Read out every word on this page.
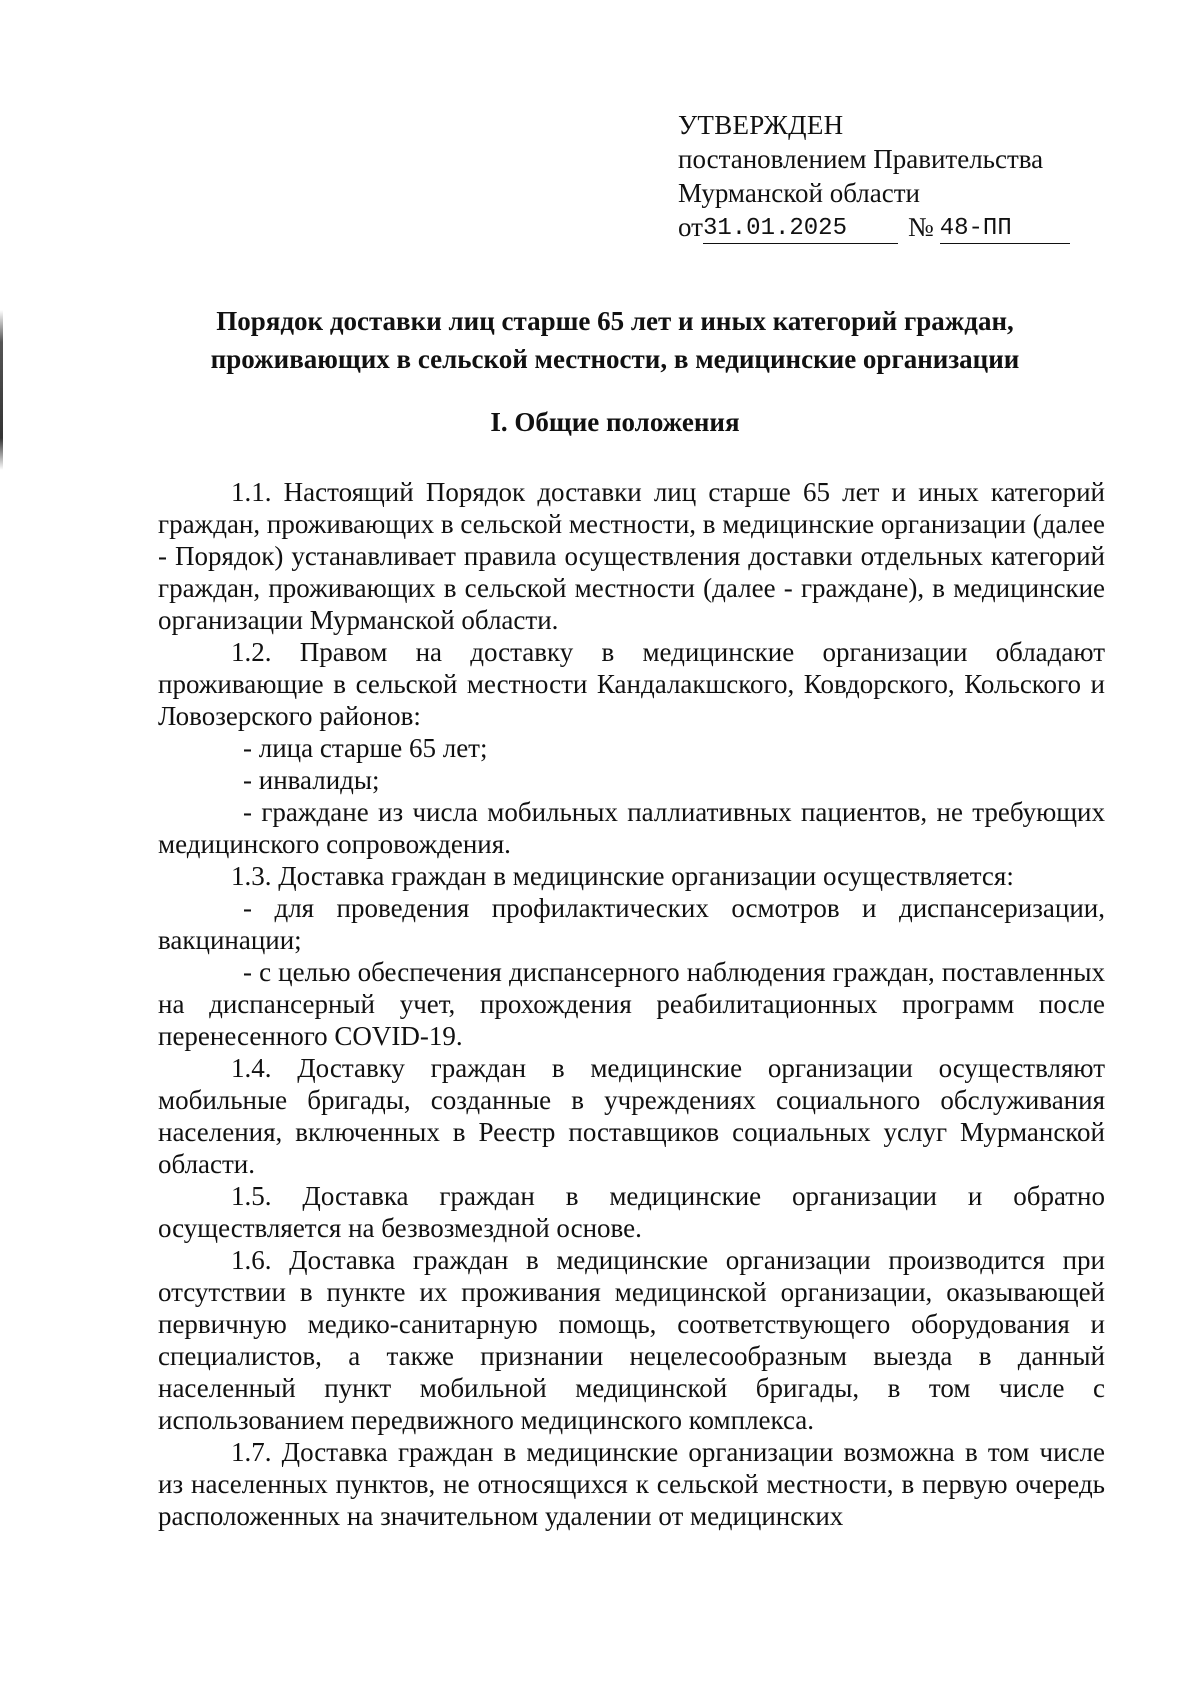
УТВЕРЖДЕН
постановлением Правительства
Мурманской области
от 31.01.2025	№ 48-ПП
Порядок доставки лиц старше 65 лет и иных категорий граждан,
проживающих в сельской местности, в медицинские организации
I. Общие положения

1.1. Настоящий Порядок доставки лиц старше 65 лет и иных категорий граждан, проживающих в сельской местности, в медицинские организации (далее - Порядок) устанавливает правила осуществления доставки отдельных категорий граждан, проживающих в сельской местности (далее - граждане), в медицинские организации Мурманской области.

1.2. Правом на доставку в медицинские организации обладают проживающие в сельской местности Кандалакшского, Ковдорского, Кольского и Ловозерского районов:

- лица старше 65 лет;

- инвалиды;

- граждане из числа мобильных паллиативных пациентов, не требующих медицинского сопровождения.

1.3. Доставка граждан в медицинские организации осуществляется:

- для проведения профилактических осмотров и диспансеризации, вакцинации;

- с целью обеспечения диспансерного наблюдения граждан, поставленных на диспансерный учет, прохождения реабилитационных программ после перенесенного COVID-19.

1.4. Доставку граждан в медицинские организации осуществляют мобильные бригады, созданные в учреждениях социального обслуживания населения, включенных в Реестр поставщиков социальных услуг Мурманской области.

1.5. Доставка граждан в медицинские организации и обратно осуществляется на безвозмездной основе.

1.6. Доставка граждан в медицинские организации производится при отсутствии в пункте их проживания медицинской организации, оказывающей первичную медико-санитарную помощь, соответствующего оборудования и специалистов, а также признании нецелесообразным выезда в данный населенный пункт мобильной медицинской бригады, в том числе с использованием передвижного медицинского комплекса.

1.7. Доставка граждан в медицинские организации возможна в том числе из населенных пунктов, не относящихся к сельской местности, в первую очередь расположенных на значительном удалении от медицинских
